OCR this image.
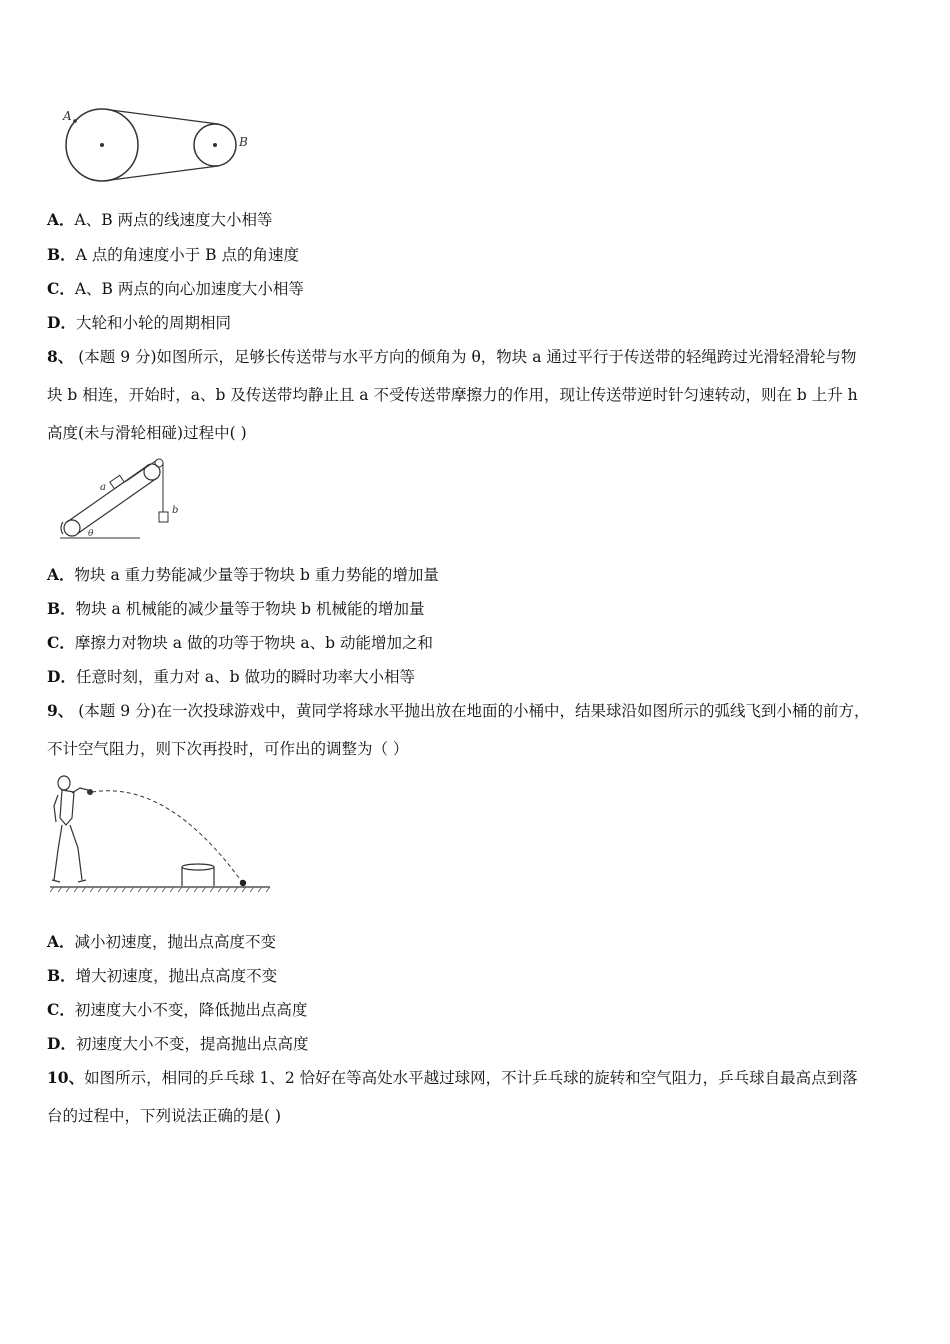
A
B
A．A、B 两点的线速度大小相等
B．A 点的角速度小于 B 点的角速度
C．A、B 两点的向心加速度大小相等
D．大轮和小轮的周期相同
8、 (本题 9 分)如图所示，足够长传送带与水平方向的倾角为 θ，物块 a 通过平行于传送带的轻绳跨过光滑轻滑轮与物
块 b 相连，开始时，a、b 及传送带均静止且 a 不受传送带摩擦力的作用，现让传送带逆时针匀速转动，则在 b 上升 h
高度(未与滑轮相碰)过程中( )
a
b
θ
A．物块 a 重力势能减少量等于物块 b 重力势能的增加量
B．物块 a 机械能的减少量等于物块 b 机械能的增加量
C．摩擦力对物块 a 做的功等于物块 a、b 动能增加之和
D．任意时刻，重力对 a、b 做功的瞬时功率大小相等
9、 (本题 9 分)在一次投球游戏中，黄同学将球水平抛出放在地面的小桶中，结果球沿如图所示的弧线飞到小桶的前方，
不计空气阻力，则下次再投时，可作出的调整为（ ）
A．减小初速度，抛出点高度不变
B．增大初速度，抛出点高度不变
C．初速度大小不变，降低抛出点高度
D．初速度大小不变，提高抛出点高度
10、如图所示，相同的乒乓球 1、2 恰好在等高处水平越过球网，不计乒乓球的旋转和空气阻力，乒乓球自最高点到落
台的过程中，下列说法正确的是( )
